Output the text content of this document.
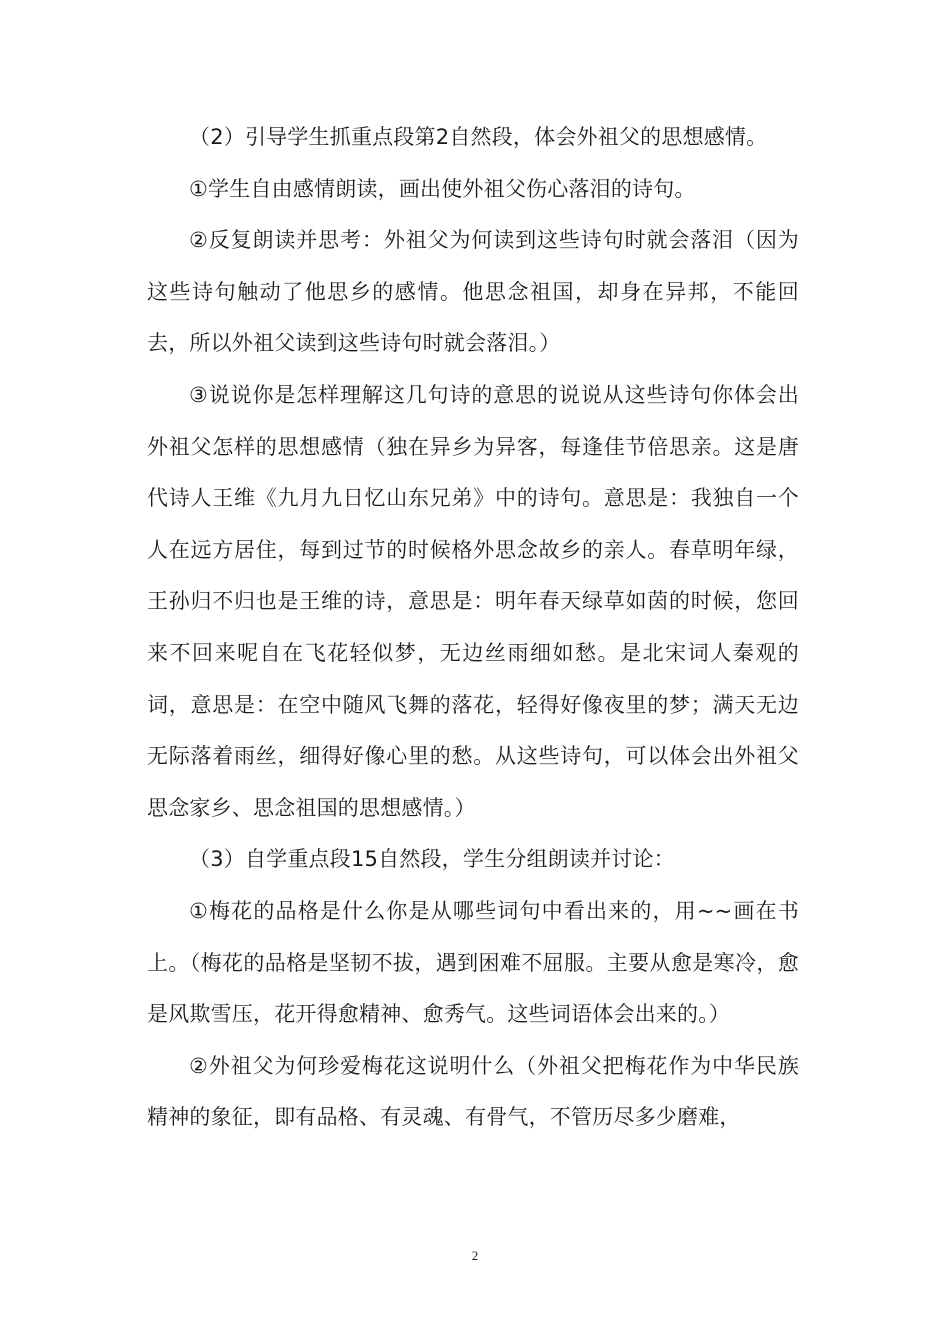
（2）引导学生抓重点段第2自然段，体会外祖父的思想感情。

①学生自由感情朗读，画出使外祖父伤心落泪的诗句。

②反复朗读并思考：外祖父为何读到这些诗句时就会落泪（因为这些诗句触动了他思乡的感情。他思念祖国，却身在异邦，不能回去，所以外祖父读到这些诗句时就会落泪。）

③说说你是怎样理解这几句诗的意思的说说从这些诗句你体会出外祖父怎样的思想感情（独在异乡为异客，每逢佳节倍思亲。这是唐代诗人王维《九月九日忆山东兄弟》中的诗句。意思是：我独自一个人在远方居住，每到过节的时候格外思念故乡的亲人。春草明年绿，王孙归不归也是王维的诗，意思是：明年春天绿草如茵的时候，您回来不回来呢自在飞花轻似梦，无边丝雨细如愁。是北宋词人秦观的词，意思是：在空中随风飞舞的落花，轻得好像夜里的梦；满天无边无际落着雨丝，细得好像心里的愁。从这些诗句，可以体会出外祖父思念家乡、思念祖国的思想感情。）

（3）自学重点段15自然段，学生分组朗读并讨论：

①梅花的品格是什么你是从哪些词句中看出来的，用~~画在书上。（梅花的品格是坚韧不拔，遇到困难不屈服。主要从愈是寒冷，愈是风欺雪压，花开得愈精神、愈秀气。这些词语体会出来的。）

②外祖父为何珍爱梅花这说明什么（外祖父把梅花作为中华民族精神的象征，即有品格、有灵魂、有骨气，不管历尽多少磨难，

2
